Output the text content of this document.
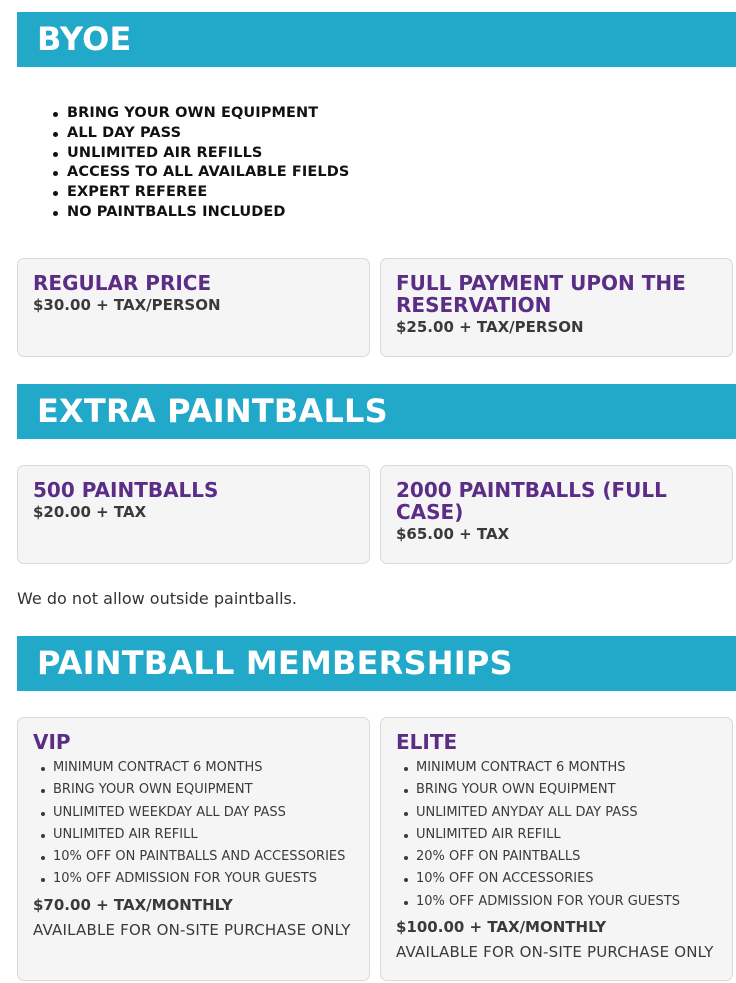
BYOE
BRING YOUR OWN EQUIPMENT
ALL DAY PASS
UNLIMITED AIR REFILLS
ACCESS TO ALL AVAILABLE FIELDS
EXPERT REFEREE
NO PAINTBALLS INCLUDED
REGULAR PRICE
$30.00 + TAX/PERSON
FULL PAYMENT UPON THE RESERVATION
$25.00 + TAX/PERSON
EXTRA PAINTBALLS
500 PAINTBALLS
$20.00 + TAX
2000 PAINTBALLS (FULL CASE)
$65.00 + TAX
We do not allow outside paintballs.
PAINTBALL MEMBERSHIPS
VIP
MINIMUM CONTRACT 6 MONTHS
BRING YOUR OWN EQUIPMENT
UNLIMITED WEEKDAY ALL DAY PASS
UNLIMITED AIR REFILL
10% OFF ON PAINTBALLS AND ACCESSORIES
10% OFF ADMISSION FOR YOUR GUESTS
$70.00 + TAX/MONTHLY
AVAILABLE FOR ON-SITE PURCHASE ONLY
ELITE
MINIMUM CONTRACT 6 MONTHS
BRING YOUR OWN EQUIPMENT
UNLIMITED ANYDAY ALL DAY PASS
UNLIMITED AIR REFILL
20% OFF ON PAINTBALLS
10% OFF ON ACCESSORIES
10% OFF ADMISSION FOR YOUR GUESTS
$100.00 + TAX/MONTHLY
AVAILABLE FOR ON-SITE PURCHASE ONLY
